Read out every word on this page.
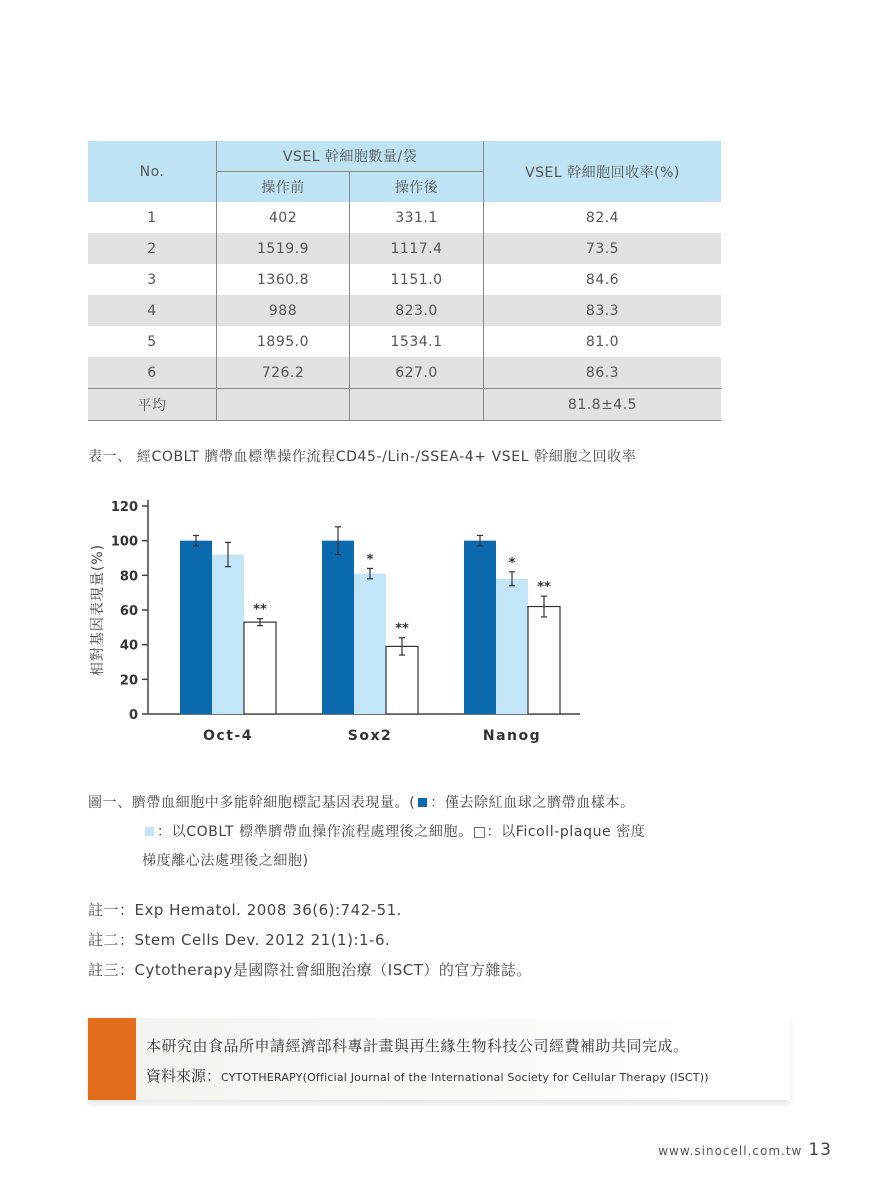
No.	VSEL 幹細胞數量/袋		VSEL 幹細胞回收率(%)
	操作前	操作後	
1	402	331.1	82.4
2	1519.9	1117.4	73.5
3	1360.8	1151.0	84.6
4	988	823.0	83.3
5	1895.0	1534.1	81.0
6	726.2	627.0	86.3
平均			81.8±4.5
表一、 經COBLT 臍帶血標準操作流程CD45-/Lin-/SSEA-4+ VSEL 幹細胞之回收率
相對基因表現量(%)
0
20
40
60
80
100
120
**
Oct-4
*
**
Sox2
*
**
Nanog
圖一、臍帶血細胞中多能幹細胞標記基因表現量。( ：僅去除紅血球之臍帶血樣本。
：以COBLT 標準臍帶血操作流程處理後之細胞。□：以Ficoll-plaque 密度
梯度離心法處理後之細胞)
註一：Exp Hematol. 2008 36(6):742-51.
註二：Stem Cells Dev. 2012 21(1):1-6.
註三：Cytotherapy是國際社會細胞治療（ISCT）的官方雜誌。
本研究由食品所申請經濟部科專計畫與再生緣生物科技公司經費補助共同完成。
資料來源：CYTOTHERAPY(Official Journal of the International Society for Cellular Therapy (ISCT))
www.sinocell.com.tw 13
